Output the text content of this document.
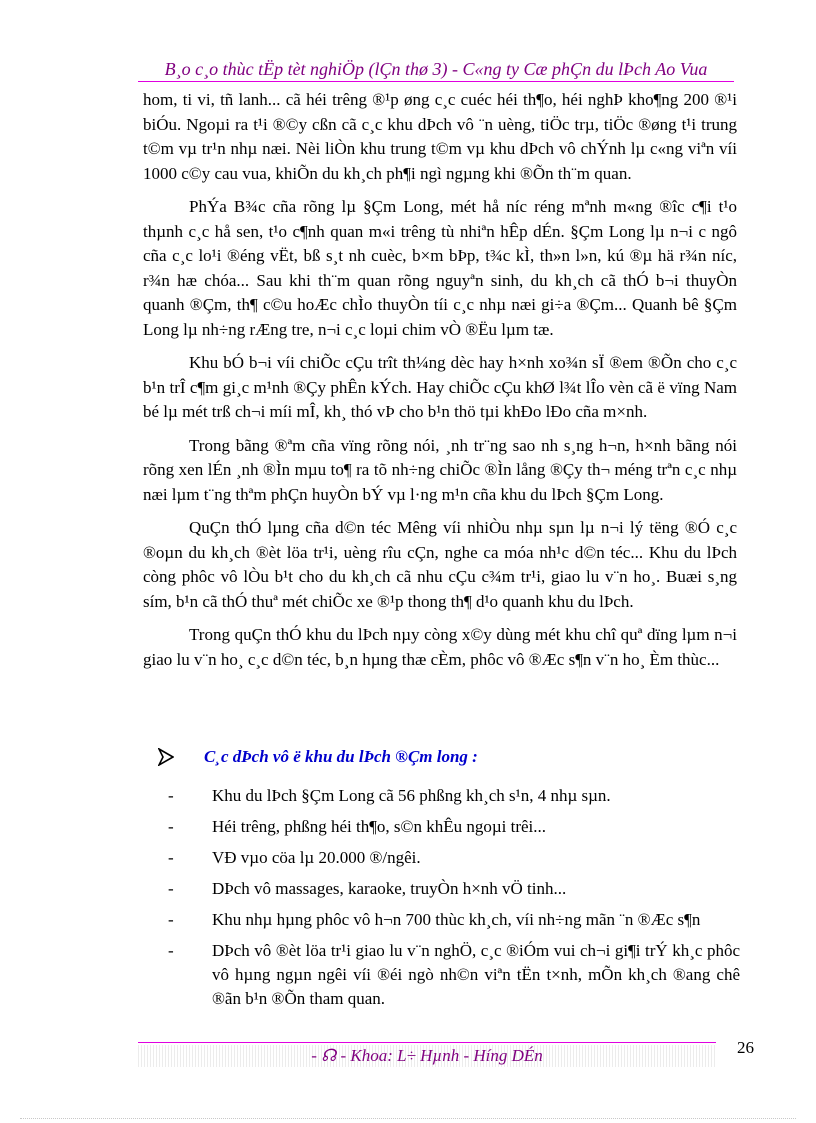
B¸o c¸o thùc tËp tèt nghiÖp (lÇn thø 3) - C«ng ty Cæ phÇn du lÞch Ao Vua

hom, ti vi, tñ lanh... cã héi trêng ®¹p øng c¸c cuéc héi th¶o, héi nghÞ kho¶ng 200 ®¹i biÓu. Ngoµi ra t¹i ®©y cßn cã c¸c khu dÞch vô ¨n uèng, tiÖc trµ, tiÖc ®øng t¹i trung t©m vµ tr¹n nhµ næi. Nèi liÒn khu trung t©m vµ khu dÞch vô chÝnh lµ c«ng viªn víi 1000 c©y cau vua, khiÕn du kh¸ch ph¶i ngì ngµng khi ®Õn th¨m quan.

PhÝa B¾c cña rõng lµ §Çm Long, mét hå níc réng mªnh m«ng ®îc c¶i t¹o thµnh c¸c hå sen, t¹o c¶nh quan m«i trêng tù nhiªn hÊp dÉn. §Çm Long lµ n¬i c ngô cña c¸c lo¹i ®éng vËt, bß s¸t nh cuèc, b×m bÞp, t¾c kÌ, th»n l»n, kú ®µ hä r¾n níc, r¾n hæ chóa... Sau khi th¨m quan rõng nguyªn sinh, du kh¸ch cã thÓ b¬i thuyÒn quanh ®Çm, th¶ c©u hoÆc chÌo thuyÒn tíi c¸c nhµ næi gi÷a ®Çm... Quanh bê §Çm Long lµ nh÷ng rÆng tre, n¬i c¸c loµi chim vÒ ®Ëu lµm tæ.

Khu bÓ b¬i víi chiÕc cÇu trît th¼ng dèc hay h×nh xo¾n sÏ ®em ®Õn cho c¸c b¹n trÎ c¶m gi¸c m¹nh ®Çy phÊn kÝch. Hay chiÕc cÇu khØ l¾t lÎo vèn cã ë vïng Nam bé lµ mét trß ch¬i míi mÎ, kh¸ thó vÞ cho b¹n thö tµi khÐo lÐo cña m×nh.

Trong bãng ®ªm cña vïng rõng nói, ¸nh tr¨ng sao nh s¸ng h¬n, h×nh bãng nói rõng xen lÉn ¸nh ®Ìn mµu to¶ ra tõ nh÷ng chiÕc ®Ìn lång ®Çy th¬ méng trªn c¸c nhµ næi lµm t¨ng thªm phÇn huyÒn bÝ vµ l·ng m¹n cña khu du lÞch §Çm Long.

QuÇn thÓ lµng cña d©n téc Mêng víi nhiÒu nhµ sµn lµ n¬i lý tëng ®Ó c¸c ®oµn du kh¸ch ®èt löa tr¹i, uèng rîu cÇn, nghe ca móa nh¹c d©n téc... Khu du lÞch còng phôc vô lÒu b¹t cho du kh¸ch cã nhu cÇu c¾m tr¹i, giao lu v¨n ho¸. Buæi s¸ng sím, b¹n cã thÓ thuª mét chiÕc xe ®¹p thong th¶ d¹o quanh khu du lÞch.

Trong quÇn thÓ khu du lÞch nµy còng x©y dùng mét khu chî quª dïng lµm n¬i giao lu v¨n ho¸ c¸c d©n téc, b¸n hµng thæ cÈm, phôc vô ®Æc s¶n v¨n ho¸ Èm thùc...

C¸c dÞch vô ë khu du lÞch ®Çm long :
-	Khu du lÞch §Çm Long cã 56 phßng kh¸ch s¹n, 4 nhµ sµn.
-	Héi trêng, phßng héi th¶o, s©n khÊu ngoµi trêi...
-	VÐ vµo cöa lµ 20.000 ®/ngêi.
-	DÞch vô massages, karaoke, truyÒn h×nh vÖ tinh...
-	Khu nhµ hµng phôc vô h¬n 700 thùc kh¸ch, víi nh÷ng mãn ¨n ®Æc s¶n
-	DÞch vô ®èt löa tr¹i giao lu v¨n nghÖ, c¸c ®iÓm vui ch¬i gi¶i trÝ kh¸c phôc vô hµng ngµn ngêi víi ®éi ngò nh©n viªn tËn t×nh, mÕn kh¸ch ®ang chê ®ãn b¹n ®Õn tham quan.
- ☊ - Khoa: L÷ Hµnh - Híng DÉn	26
